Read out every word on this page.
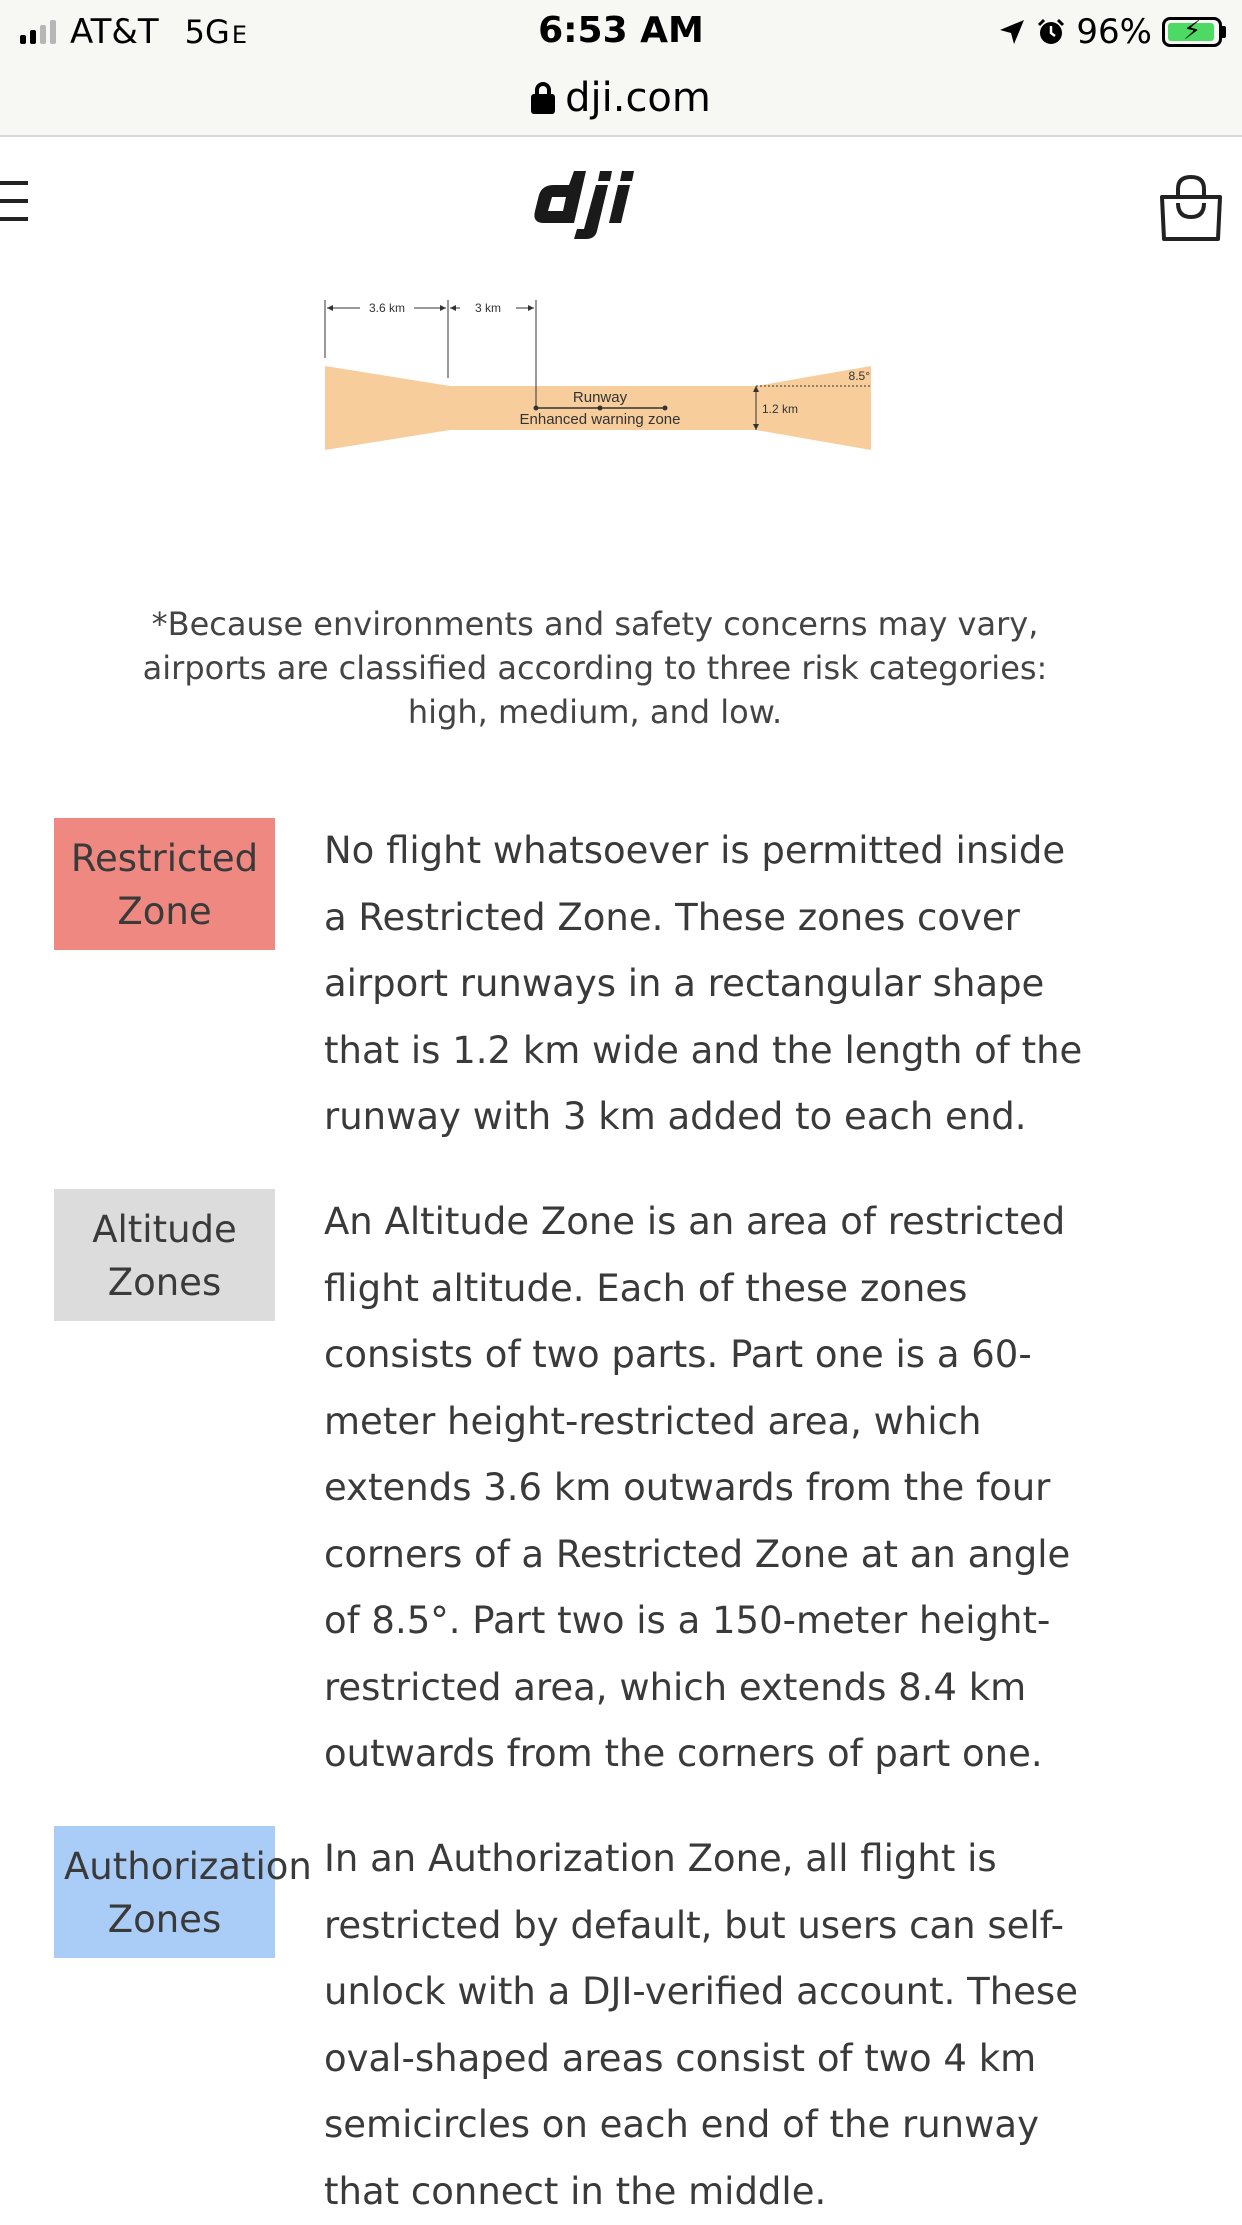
AT&T 5GE	6:53 AM	96% ⚡
dji.com
3.6 km	3 km
Runway
Enhanced warning zone
1.2 km
8.5°
*Because environments and safety concerns may vary, airports are classified according to three risk categories: high, medium, and low.
Restricted
Zone
No flight whatsoever is permitted inside a Restricted Zone. These zones cover airport runways in a rectangular shape that is 1.2 km wide and the length of the runway with 3 km added to each end.
Altitude
Zones
An Altitude Zone is an area of restricted flight altitude. Each of these zones consists of two parts. Part one is a 60-meter height-restricted area, which extends 3.6 km outwards from the four corners of a Restricted Zone at an angle of 8.5°. Part two is a 150-meter height-restricted area, which extends 8.4 km outwards from the corners of part one.
Authorization
Zones
In an Authorization Zone, all flight is restricted by default, but users can self-unlock with a DJI-verified account. These oval-shaped areas consist of two 4 km semicircles on each end of the runway that connect in the middle.
